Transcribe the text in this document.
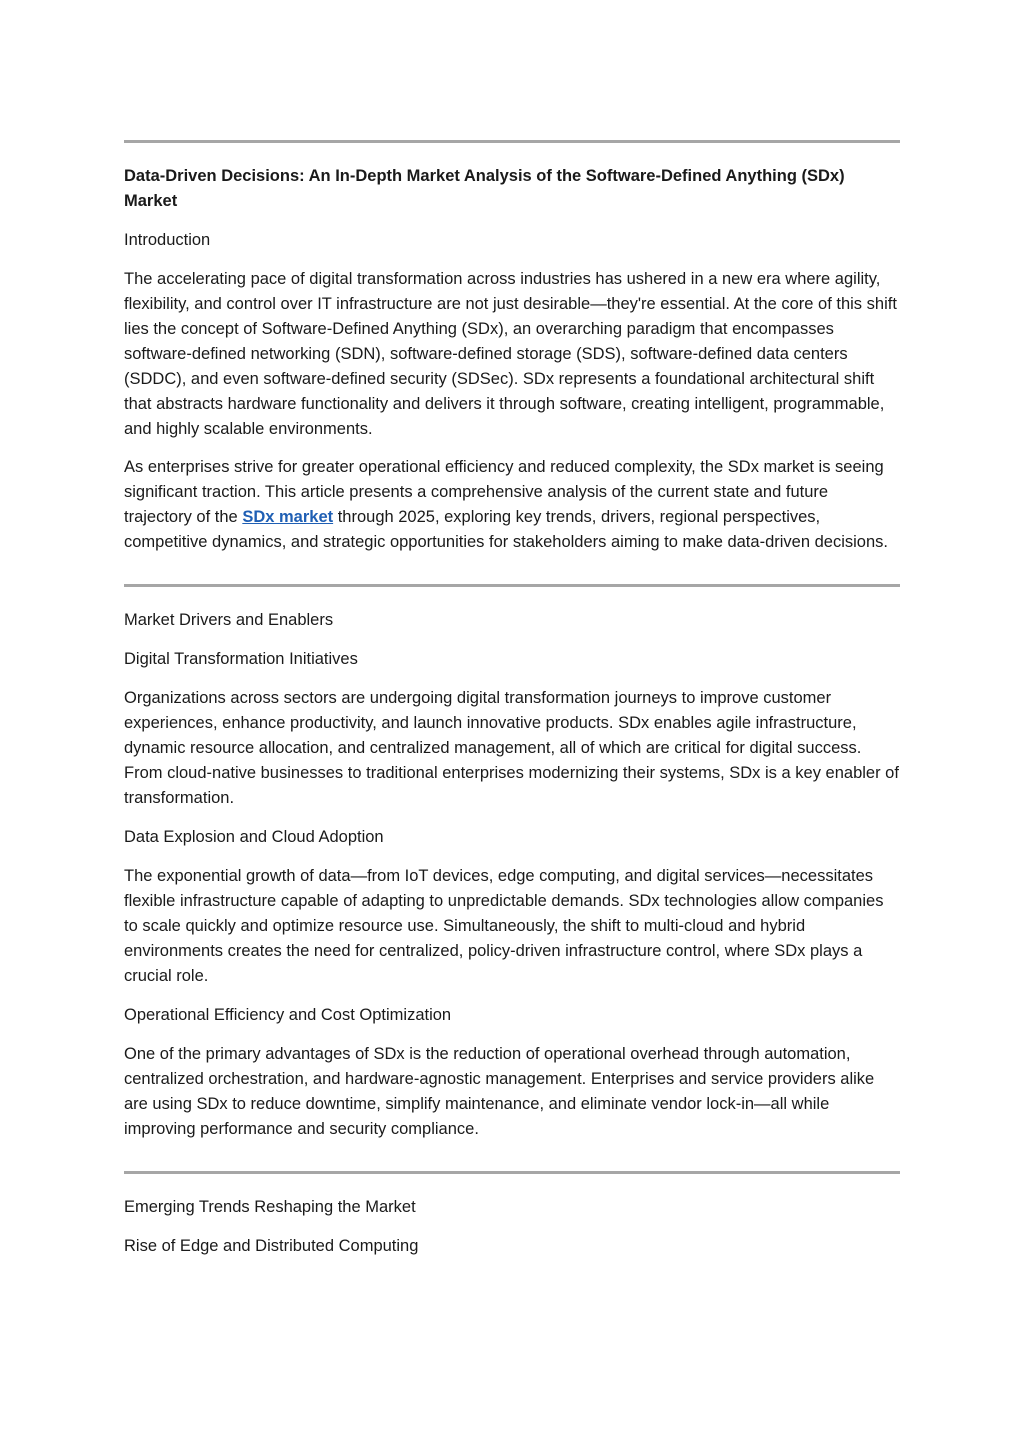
Data-Driven Decisions: An In-Depth Market Analysis of the Software-Defined Anything (SDx) Market

Introduction

The accelerating pace of digital transformation across industries has ushered in a new era where agility, flexibility, and control over IT infrastructure are not just desirable—they're essential. At the core of this shift lies the concept of Software-Defined Anything (SDx), an overarching paradigm that encompasses software-defined networking (SDN), software-defined storage (SDS), software-defined data centers (SDDC), and even software-defined security (SDSec). SDx represents a foundational architectural shift that abstracts hardware functionality and delivers it through software, creating intelligent, programmable, and highly scalable environments.

As enterprises strive for greater operational efficiency and reduced complexity, the SDx market is seeing significant traction. This article presents a comprehensive analysis of the current state and future trajectory of the SDx market through 2025, exploring key trends, drivers, regional perspectives, competitive dynamics, and strategic opportunities for stakeholders aiming to make data-driven decisions.

Market Drivers and Enablers

Digital Transformation Initiatives

Organizations across sectors are undergoing digital transformation journeys to improve customer experiences, enhance productivity, and launch innovative products. SDx enables agile infrastructure, dynamic resource allocation, and centralized management, all of which are critical for digital success. From cloud-native businesses to traditional enterprises modernizing their systems, SDx is a key enabler of transformation.

Data Explosion and Cloud Adoption

The exponential growth of data—from IoT devices, edge computing, and digital services—necessitates flexible infrastructure capable of adapting to unpredictable demands. SDx technologies allow companies to scale quickly and optimize resource use. Simultaneously, the shift to multi-cloud and hybrid environments creates the need for centralized, policy-driven infrastructure control, where SDx plays a crucial role.

Operational Efficiency and Cost Optimization

One of the primary advantages of SDx is the reduction of operational overhead through automation, centralized orchestration, and hardware-agnostic management. Enterprises and service providers alike are using SDx to reduce downtime, simplify maintenance, and eliminate vendor lock-in—all while improving performance and security compliance.

Emerging Trends Reshaping the Market

Rise of Edge and Distributed Computing
